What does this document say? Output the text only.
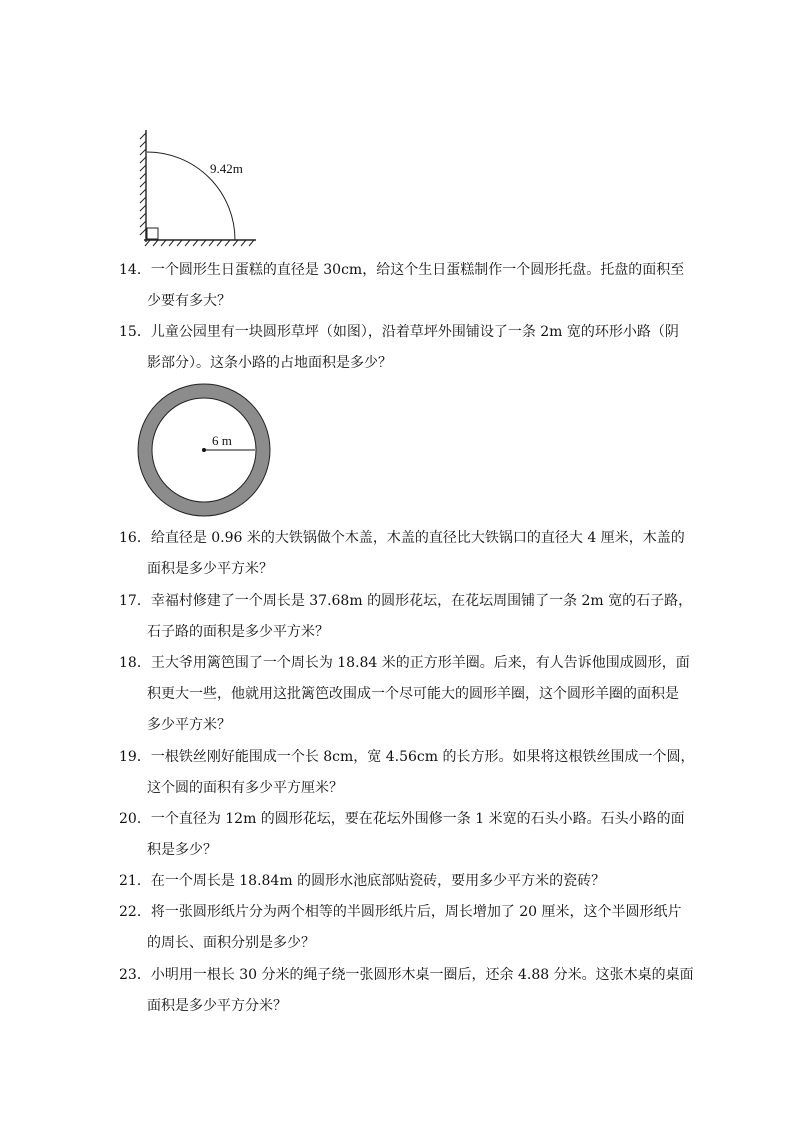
9.42m
6 m
14．一个圆形生日蛋糕的直径是 30cm，给这个生日蛋糕制作一个圆形托盘。托盘的面积至
少要有多大？
15．儿童公园里有一块圆形草坪（如图），沿着草坪外围铺设了一条 2m 宽的环形小路（阴
影部分）。这条小路的占地面积是多少？
16．给直径是 0.96 米的大铁锅做个木盖，木盖的直径比大铁锅口的直径大 4 厘米，木盖的
面积是多少平方米？
17．幸福村修建了一个周长是 37.68m 的圆形花坛，在花坛周围铺了一条 2m 宽的石子路，
石子路的面积是多少平方米？
18．王大爷用篱笆围了一个周长为 18.84 米的正方形羊圈。后来，有人告诉他围成圆形，面
积更大一些，他就用这批篱笆改围成一个尽可能大的圆形羊圈，这个圆形羊圈的面积是
多少平方米？
19．一根铁丝刚好能围成一个长 8cm，宽 4.56cm 的长方形。如果将这根铁丝围成一个圆，
这个圆的面积有多少平方厘米？
20．一个直径为 12m 的圆形花坛，要在花坛外围修一条 1 米宽的石头小路。石头小路的面
积是多少？
21．在一个周长是 18.84m 的圆形水池底部贴瓷砖，要用多少平方米的瓷砖？
22．将一张圆形纸片分为两个相等的半圆形纸片后，周长增加了 20 厘米，这个半圆形纸片
的周长、面积分别是多少？
23．小明用一根长 30 分米的绳子绕一张圆形木桌一圈后，还余 4.88 分米。这张木桌的桌面
面积是多少平方分米？
